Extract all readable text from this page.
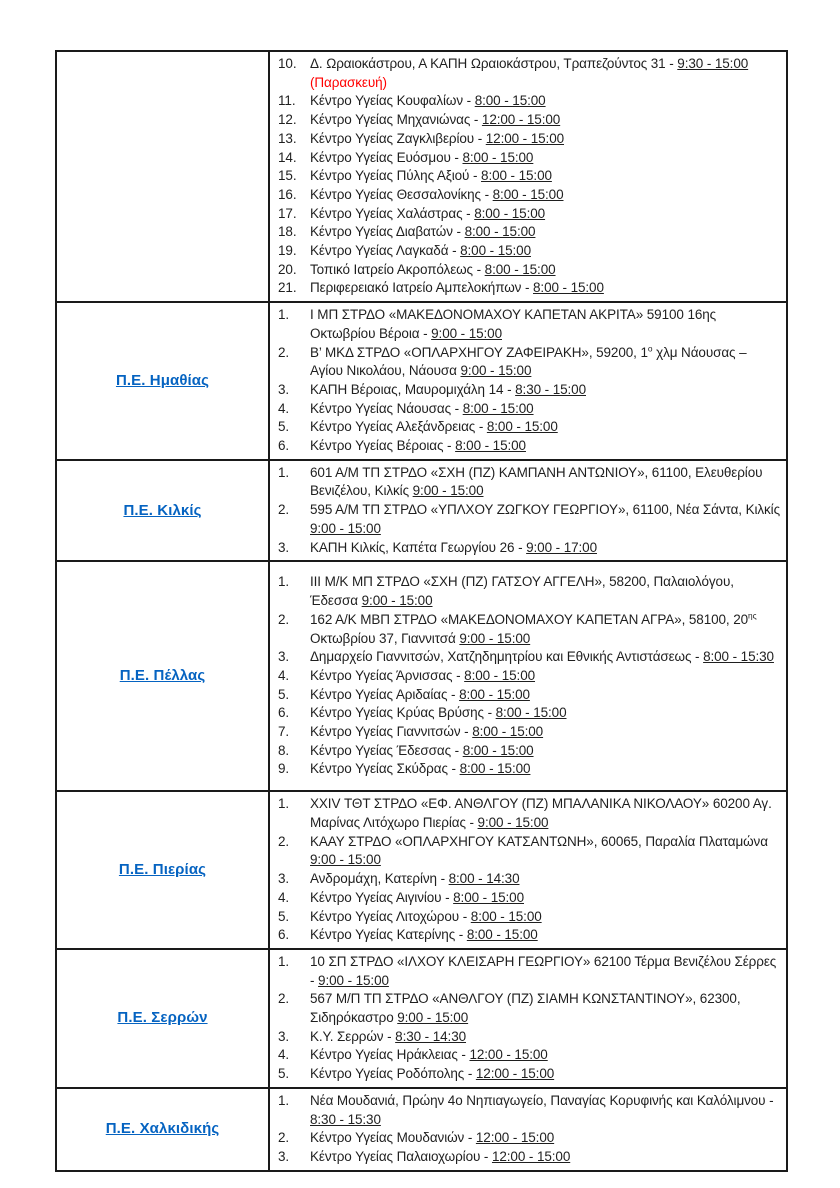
10.	Δ. Ωραιοκάστρου, Α ΚΑΠΗ Ωραιοκάστρου, Τραπεζούντος 31 - 9:30 - 15:00 (Παρασκευή)
11.	Κέντρο Υγείας Κουφαλίων - 8:00 - 15:00
12.	Κέντρο Υγείας Μηχανιώνας - 12:00 - 15:00
13.	Κέντρο Υγείας Ζαγκλιβερίου - 12:00 - 15:00
14.	Κέντρο Υγείας Ευόσμου - 8:00 - 15:00
15.	Κέντρο Υγείας Πύλης Αξιού - 8:00 - 15:00
16.	Κέντρο Υγείας Θεσσαλονίκης - 8:00 - 15:00
17.	Κέντρο Υγείας Χαλάστρας - 8:00 - 15:00
18.	Κέντρο Υγείας Διαβατών - 8:00 - 15:00
19.	Κέντρο Υγείας Λαγκαδά - 8:00 - 15:00
20.	Τοπικό Ιατρείο Ακροπόλεως - 8:00 - 15:00
21.	Περιφερειακό Ιατρείο Αμπελοκήπων - 8:00 - 15:00

Π.Ε. Ημαθίας	
1.	Ι ΜΠ ΣΤΡΔΟ «ΜΑΚΕΔΟΝΟΜΑΧΟΥ ΚΑΠΕΤΑΝ ΑΚΡΙΤΑ» 59100 16ης Οκτωβρίου Βέροια - 9:00 - 15:00
2.	Β’ ΜΚΔ ΣΤΡΔΟ «ΟΠΛΑΡΧΗΓΟΥ ΖΑΦΕΙΡΑΚΗ», 59200, $1^o$ χλμ Νάουσας – Αγίου Νικολάου, Νάουσα 9:00 - 15:00
3.	ΚΑΠΗ Βέροιας, Μαυρομιχάλη 14 - 8:30 - 15:00
4.	Κέντρο Υγείας Νάουσας - 8:00 - 15:00
5.	Κέντρο Υγείας Αλεξάνδρειας - 8:00 - 15:00
6.	Κέντρο Υγείας Βέροιας - 8:00 - 15:00

Π.Ε. Κιλκίς	
1.	601 Α/Μ ΤΠ ΣΤΡΔΟ «ΣΧΗ (ΠΖ) ΚΑΜΠΑΝΗ ΑΝΤΩΝΙΟΥ», 61100, Ελευθερίου Βενιζέλου, Κιλκίς 9:00 - 15:00
2.	595 Α/Μ ΤΠ ΣΤΡΔΟ «ΥΠΛΧΟΥ ΖΩΓΚΟΥ ΓΕΩΡΓΙΟΥ», 61100, Νέα Σάντα, Κιλκίς 9:00 - 15:00
3.	ΚΑΠΗ Κιλκίς, Καπέτα Γεωργίου 26 - 9:00 - 17:00

Π.Ε. Πέλλας	
1.	ΙΙΙ Μ/Κ ΜΠ ΣΤΡΔΟ «ΣΧΗ (ΠΖ) ΓΑΤΣΟΥ ΑΓΓΕΛΗ», 58200, Παλαιολόγου, Έδεσσα 9:00 - 15:00
2.	162 Α/Κ ΜΒΠ ΣΤΡΔΟ «ΜΑΚΕΔΟΝΟΜΑΧΟΥ ΚΑΠΕΤΑΝ ΑΓΡΑ», 58100, $20^{\eta\varsigma}$ Οκτωβρίου 37, Γιαννιτσά 9:00 - 15:00
3.	Δημαρχείο Γιαννιτσών, Χατζηδημητρίου και Εθνικής Αντιστάσεως - 8:00 - 15:30
4.	Κέντρο Υγείας Άρνισσας - 8:00 - 15:00
5.	Κέντρο Υγείας Αριδαίας - 8:00 - 15:00
6.	Κέντρο Υγείας Κρύας Βρύσης - 8:00 - 15:00
7.	Κέντρο Υγείας Γιαννιτσών - 8:00 - 15:00
8.	Κέντρο Υγείας Έδεσσας - 8:00 - 15:00
9.	Κέντρο Υγείας Σκύδρας - 8:00 - 15:00

Π.Ε. Πιερίας	
1.	XXIV ΤΘΤ ΣΤΡΔΟ «ΕΦ. ΑΝΘΛΓΟΥ (ΠΖ) ΜΠΑΛΑΝΙΚΑ ΝΙΚΟΛΑΟΥ» 60200 Αγ. Μαρίνας Λιτόχωρο Πιερίας - 9:00 - 15:00
2.	ΚΑΑΥ ΣΤΡΔΟ «ΟΠΛΑΡΧΗΓΟΥ ΚΑΤΣΑΝΤΩΝΗ», 60065, Παραλία Πλαταμώνα 9:00 - 15:00
3.	Ανδρομάχη, Κατερίνη - 8:00 - 14:30
4.	Κέντρο Υγείας Αιγινίου - 8:00 - 15:00
5.	Κέντρο Υγείας Λιτοχώρου - 8:00 - 15:00
6.	Κέντρο Υγείας Κατερίνης - 8:00 - 15:00

Π.Ε. Σερρών	
1.	10 ΣΠ ΣΤΡΔΟ «ΙΛΧΟΥ ΚΛΕΙΣΑΡΗ ΓΕΩΡΓΙΟΥ» 62100 Τέρμα Βενιζέλου Σέρρες - 9:00 - 15:00
2.	567 Μ/Π ΤΠ ΣΤΡΔΟ «ΑΝΘΛΓΟΥ (ΠΖ) ΣΙΑΜΗ ΚΩΝΣΤΑΝΤΙΝΟΥ», 62300, Σιδηρόκαστρο 9:00 - 15:00
3.	Κ.Υ. Σερρών - 8:30 - 14:30
4.	Κέντρο Υγείας Ηράκλειας - 12:00 - 15:00
5.	Κέντρο Υγείας Ροδόπολης - 12:00 - 15:00

Π.Ε. Χαλκιδικής	
1.	Νέα Μουδανιά, Πρώην 4ο Νηπιαγωγείο, Παναγίας Κορυφινής και Καλόλιμνου - 8:30 - 15:30
2.	Κέντρο Υγείας Μουδανιών - 12:00 - 15:00
3.	Κέντρο Υγείας Παλαιοχωρίου - 12:00 - 15:00
